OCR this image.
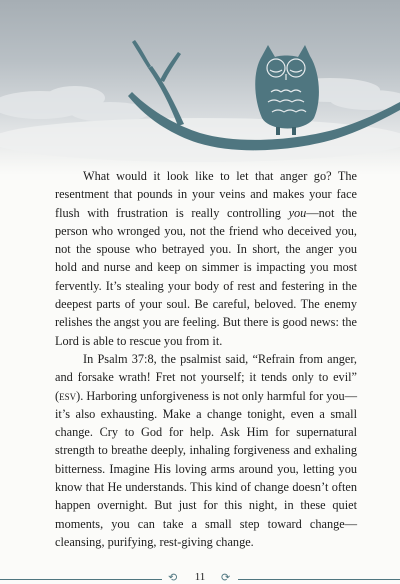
What would it look like to let that anger go? The resentment that pounds in your veins and makes your face flush with frustration is really controlling you—not the person who wronged you, not the friend who deceived you, not the spouse who betrayed you. In short, the anger you hold and nurse and keep on simmer is impacting you most fervently. It’s stealing your body of rest and festering in the deepest parts of your soul. Be careful, beloved. The enemy relishes the angst you are feeling. But there is good news: the Lord is able to rescue you from it.

In Psalm 37:8, the psalmist said, “Refrain from anger, and forsake wrath! Fret not yourself; it tends only to evil” (esv). Harboring unforgiveness is not only harmful for you—it’s also exhausting. Make a change tonight, even a small change. Cry to God for help. Ask Him for supernatural strength to breathe deeply, inhaling forgiveness and exhaling bitterness. Imagine His loving arms around you, letting you know that He understands. This kind of change doesn’t often happen overnight. But just for this night, in these quiet moments, you can take a small step toward change—cleansing, purifying, rest-giving change.

⟲	11	⟳
